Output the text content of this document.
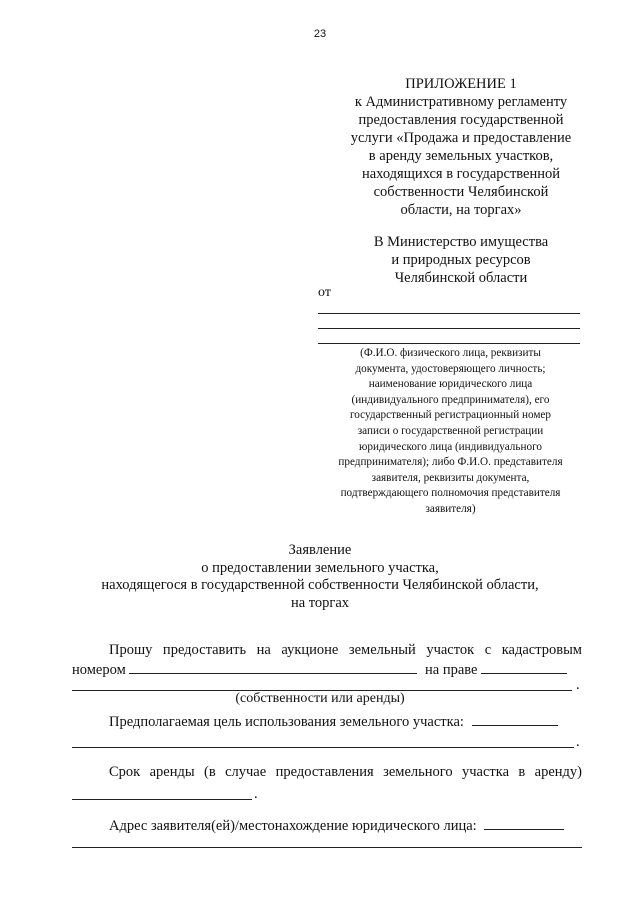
23
ПРИЛОЖЕНИЕ 1
к Административному регламенту
предоставления государственной
услуги «Продажа и предоставление
в аренду земельных участков,
находящихся в государственной
собственности Челябинской
области, на торгах»
В Министерство имущества
и природных ресурсов
Челябинской области
от
(Ф.И.О. физического лица, реквизиты
документа, удостоверяющего личность;
наименование юридического лица
(индивидуального предпринимателя), его
государственный регистрационный номер
записи о государственной регистрации
юридического лица (индивидуального
предпринимателя); либо Ф.И.О. представителя
заявителя, реквизиты документа,
подтверждающего полномочия представителя
заявителя)
Заявление
о предоставлении земельного участка,
находящегося в государственной собственности Челябинской области,
на торгах
Прошу предоставить на аукционе земельный участок с кадастровым
номером	на праве
.
(собственности или аренды)
Предполагаемая цель использования земельного участка:
.
Срок аренды (в случае предоставления земельного участка в аренду)
.
Адрес заявителя(ей)/местонахождение юридического лица:
